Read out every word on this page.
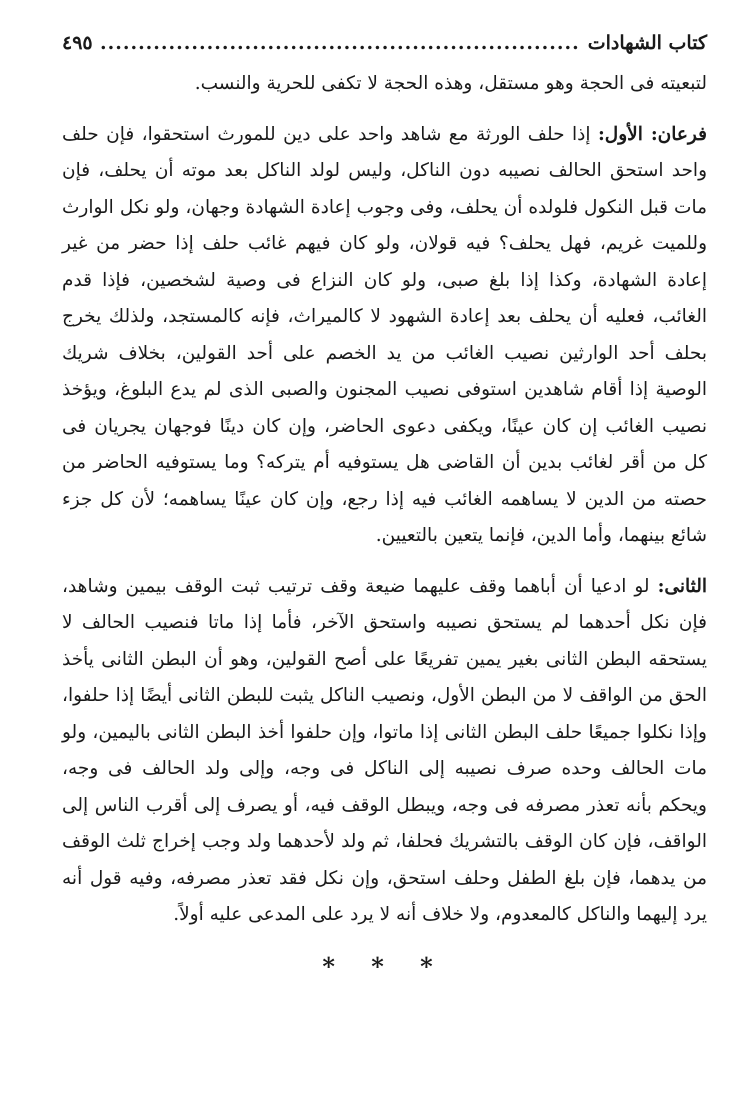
كتاب الشهادات
.....
٤٩٥

لتبعيته فى الحجة وهو مستقل، وهذه الحجة لا تكفى للحرية والنسب.

فرعان: الأول: إذا حلف الورثة مع شاهد واحد على دين للمورث استحقوا، فإن حلف واحد استحق الحالف نصيبه دون الناكل، وليس لولد الناكل بعد موته أن يحلف، فإن مات قبل النكول فلولده أن يحلف، وفى وجوب إعادة الشهادة وجهان، ولو نكل الوارث وللميت غريم، فهل يحلف؟ فيه قولان، ولو كان فيهم غائب حلف إذا حضر من غير إعادة الشهادة، وكذا إذا بلغ صبى، ولو كان النزاع فى وصية لشخصين، فإذا قدم الغائب، فعليه أن يحلف بعد إعادة الشهود لا كالميراث، فإنه كالمستجد، ولذلك يخرج بحلف أحد الوارثين نصيب الغائب من يد الخصم على أحد القولين، بخلاف شريك الوصية إذا أقام شاهدين استوفى نصيب المجنون والصبى الذى لم يدع البلوغ، ويؤخذ نصيب الغائب إن كان عينًا، ويكفى دعوى الحاضر، وإن كان دينًا فوجهان يجريان فى كل من أقر لغائب بدين أن القاضى هل يستوفيه أم يتركه؟ وما يستوفيه الحاضر من حصته من الدين لا يساهمه الغائب فيه إذا رجع، وإن كان عينًا يساهمه؛ لأن كل جزء شائع بينهما، وأما الدين، فإنما يتعين بالتعيين.

الثانى: لو ادعيا أن أباهما وقف عليهما ضيعة وقف ترتيب ثبت الوقف بيمين وشاهد، فإن نكل أحدهما لم يستحق نصيبه واستحق الآخر، فأما إذا ماتا فنصيب الحالف لا يستحقه البطن الثانى بغير يمين تفريعًا على أصح القولين، وهو أن البطن الثانى يأخذ الحق من الواقف لا من البطن الأول، ونصيب الناكل يثبت للبطن الثانى أيضًا إذا حلفوا، وإذا نكلوا جميعًا حلف البطن الثانى إذا ماتوا، وإن حلفوا أخذ البطن الثانى باليمين، ولو مات الحالف وحده صرف نصيبه إلى الناكل فى وجه، وإلى ولد الحالف فى وجه، ويحكم بأنه تعذر مصرفه فى وجه، ويبطل الوقف فيه، أو يصرف إلى أقرب الناس إلى الواقف، فإن كان الوقف بالتشريك فحلفا، ثم ولد لأحدهما ولد وجب إخراج ثلث الوقف من يدهما، فإن بلغ الطفل وحلف استحق، وإن نكل فقد تعذر مصرفه، وفيه قول أنه يرد إليهما والناكل كالمعدوم، ولا خلاف أنه لا يرد على المدعى عليه أولاً.

* * *
